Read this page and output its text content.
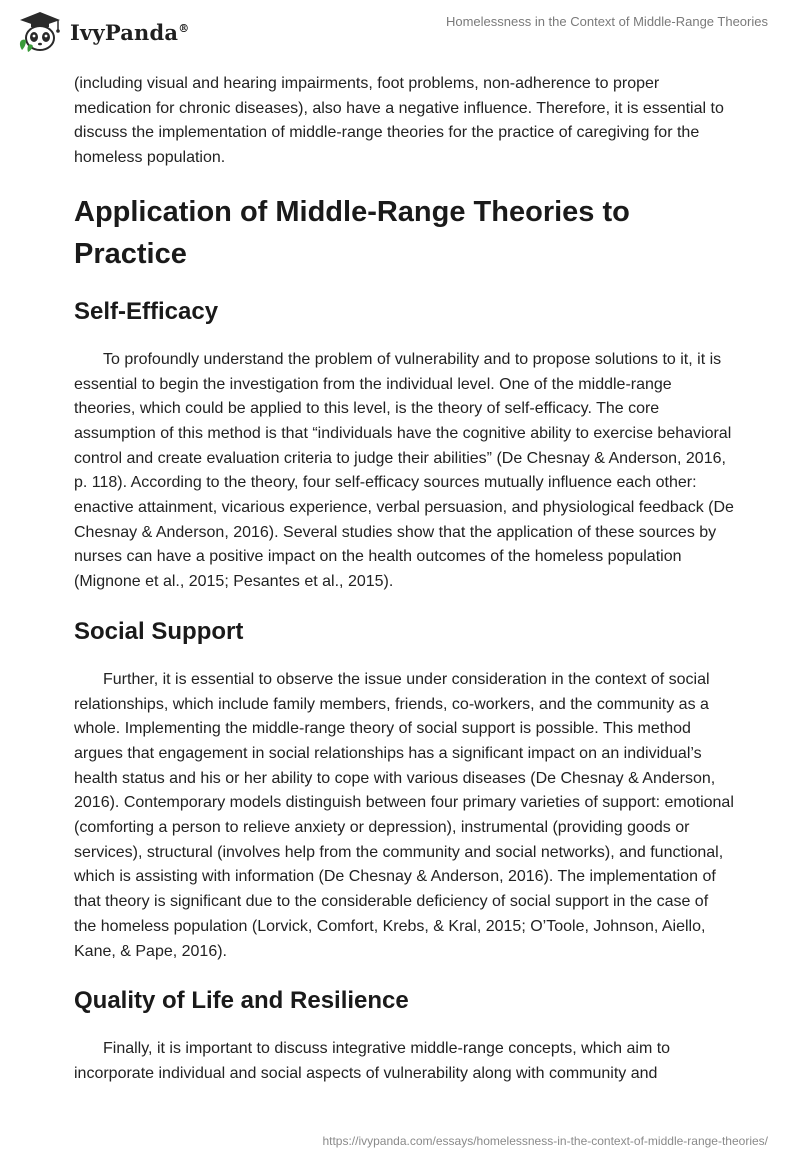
IvyPanda®	Homelessness in the Context of Middle-Range Theories

(including visual and hearing impairments, foot problems, non-adherence to proper medication for chronic diseases), also have a negative influence. Therefore, it is essential to discuss the implementation of middle-range theories for the practice of caregiving for the homeless population.

Application of Middle-Range Theories to Practice
Self-Efficacy

To profoundly understand the problem of vulnerability and to propose solutions to it, it is essential to begin the investigation from the individual level. One of the middle-range theories, which could be applied to this level, is the theory of self-efficacy. The core assumption of this method is that “individuals have the cognitive ability to exercise behavioral control and create evaluation criteria to judge their abilities” (De Chesnay & Anderson, 2016, p. 118). According to the theory, four self-efficacy sources mutually influence each other: enactive attainment, vicarious experience, verbal persuasion, and physiological feedback (De Chesnay & Anderson, 2016). Several studies show that the application of these sources by nurses can have a positive impact on the health outcomes of the homeless population (Mignone et al., 2015; Pesantes et al., 2015).

Social Support

Further, it is essential to observe the issue under consideration in the context of social relationships, which include family members, friends, co-workers, and the community as a whole. Implementing the middle-range theory of social support is possible. This method argues that engagement in social relationships has a significant impact on an individual’s health status and his or her ability to cope with various diseases (De Chesnay & Anderson, 2016). Contemporary models distinguish between four primary varieties of support: emotional (comforting a person to relieve anxiety or depression), instrumental (providing goods or services), structural (involves help from the community and social networks), and functional, which is assisting with information (De Chesnay & Anderson, 2016). The implementation of that theory is significant due to the considerable deficiency of social support in the case of the homeless population (Lorvick, Comfort, Krebs, & Kral, 2015; O’Toole, Johnson, Aiello, Kane, & Pape, 2016).

Quality of Life and Resilience

Finally, it is important to discuss integrative middle-range concepts, which aim to incorporate individual and social aspects of vulnerability along with community and

https://ivypanda.com/essays/homelessness-in-the-context-of-middle-range-theories/
